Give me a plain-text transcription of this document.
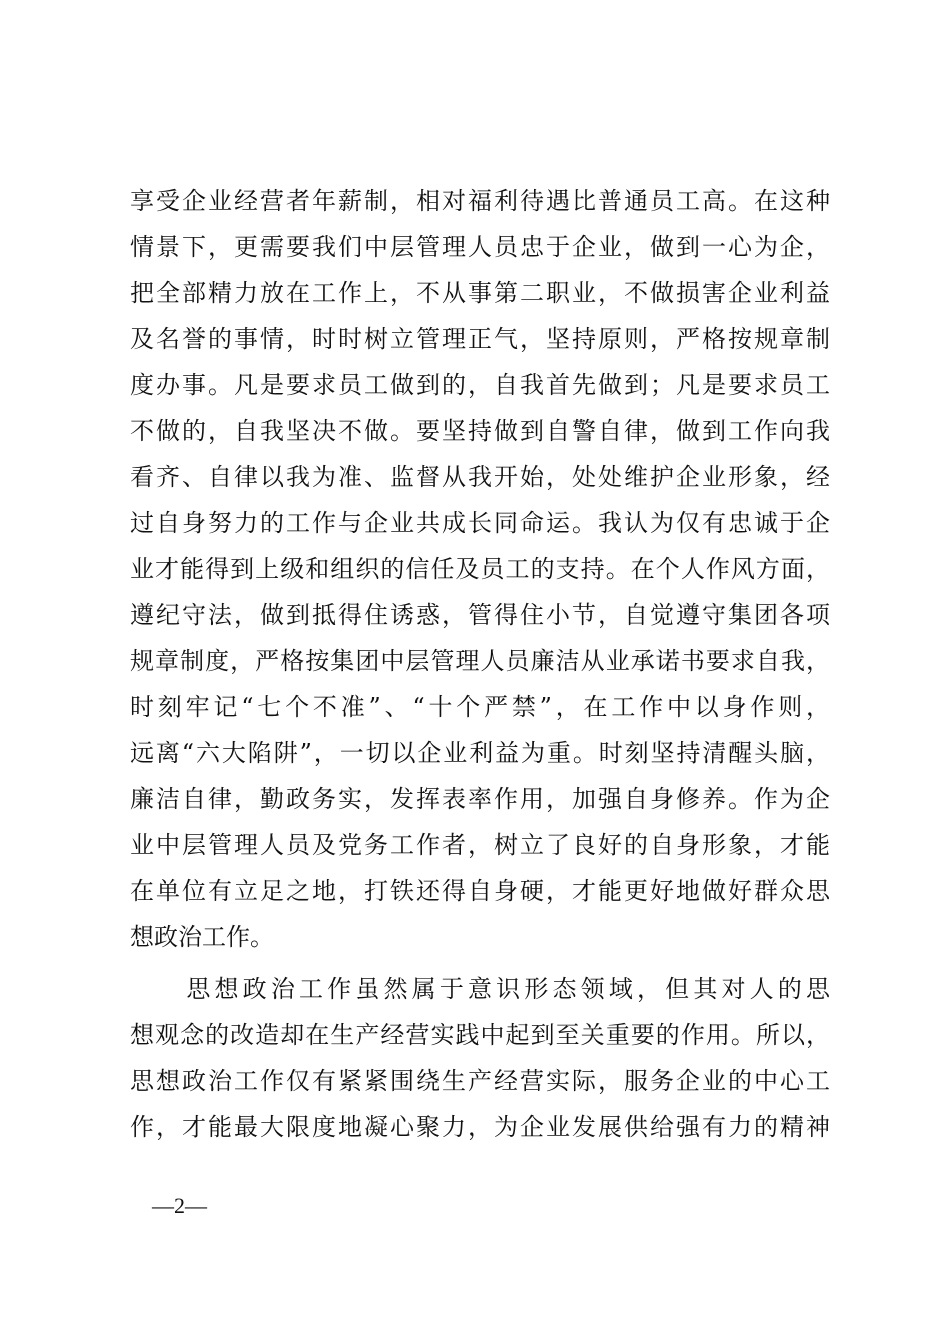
享受企业经营者年薪制，相对福利待遇比普通员工高。在这种
情景下，更需要我们中层管理人员忠于企业，做到一心为企，
把全部精力放在工作上，不从事第二职业，不做损害企业利益
及名誉的事情，时时树立管理正气，坚持原则，严格按规章制
度办事。凡是要求员工做到的，自我首先做到；凡是要求员工
不做的，自我坚决不做。要坚持做到自警自律，做到工作向我
看齐、自律以我为准、监督从我开始，处处维护企业形象，经
过自身努力的工作与企业共成长同命运。我认为仅有忠诚于企
业才能得到上级和组织的信任及员工的支持。在个人作风方面，
遵纪守法，做到抵得住诱惑，管得住小节，自觉遵守集团各项
规章制度，严格按集团中层管理人员廉洁从业承诺书要求自我，
时刻牢记“七个不准”、“十个严禁”，在工作中以身作则，
远离“六大陷阱”，一切以企业利益为重。时刻坚持清醒头脑，
廉洁自律，勤政务实，发挥表率作用，加强自身修养。作为企
业中层管理人员及党务工作者，树立了良好的自身形象，才能
在单位有立足之地，打铁还得自身硬，才能更好地做好群众思
想政治工作。
　　思想政治工作虽然属于意识形态领域，但其对人的思
想观念的改造却在生产经营实践中起到至关重要的作用。所以，
思想政治工作仅有紧紧围绕生产经营实际，服务企业的中心工
作，才能最大限度地凝心聚力，为企业发展供给强有力的精神
—2—
